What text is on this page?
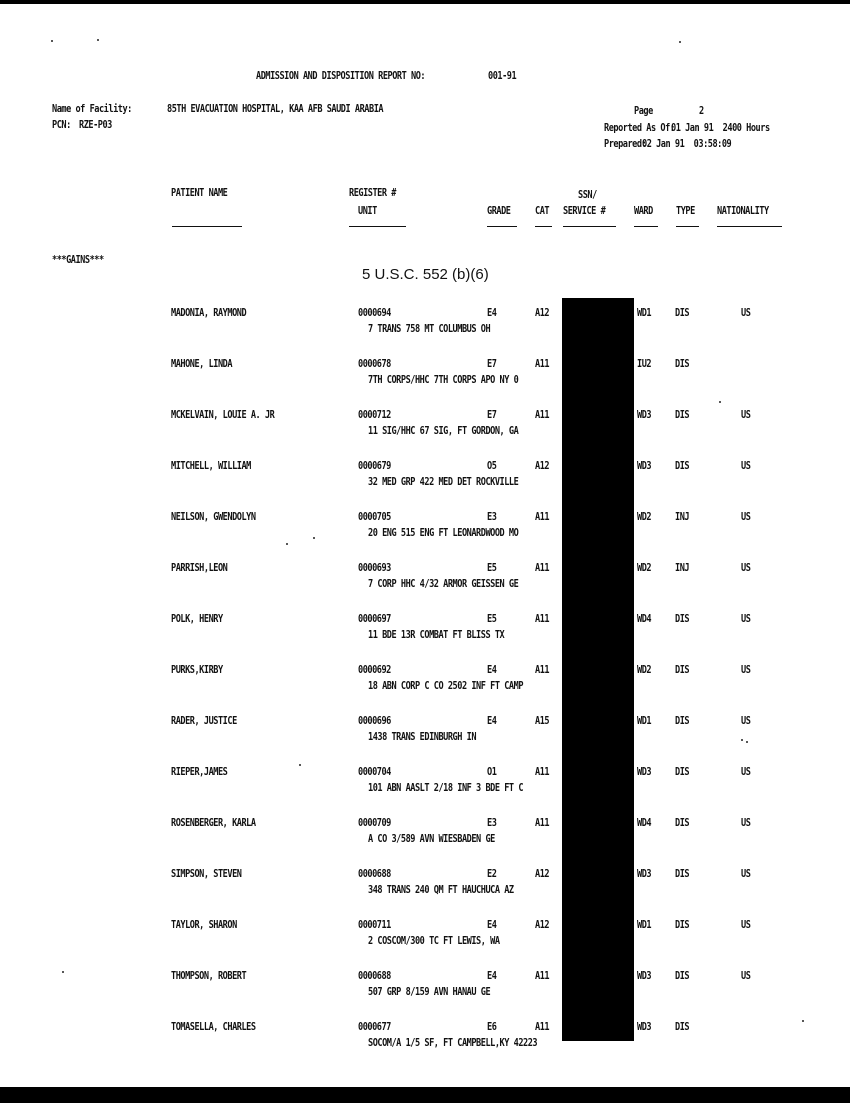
ADMISSION AND DISPOSITION REPORT NO:	001-91
Name of Facility:	85TH EVACUATION HOSPITAL, KAA AFB SAUDI ARABIA
PCN: RZE-P03
Page	2
Reported As Of:
01 Jan 91  2400 Hours
Prepared:
02 Jan 91  03:58:09
PATIENT NAME	REGISTER #
UNIT
SSN/
GRADE CAT SERVICE #	WARD TYPE NATIONALITY
***GAINS***
5 U.S.C. 552 (b)(6)
MADONIA, RAYMOND	0000694	E4	A12	WD1 DIS	US
7 TRANS 758 MT COLUMBUS OH
MAHONE, LINDA	0000678	E7	A11	IU2 DIS
7TH CORPS/HHC 7TH CORPS APO NY 0
MCKELVAIN, LOUIE A. JR	0000712	E7	A11	WD3 DIS	US
11 SIG/HHC 67 SIG, FT GORDON, GA
MITCHELL, WILLIAM	0000679	O5	A12	WD3 DIS	US
32 MED GRP 422 MED DET ROCKVILLE
NEILSON, GWENDOLYN	0000705	E3	A11	WD2 INJ	US
20 ENG 515 ENG FT LEONARDWOOD MO
PARRISH,LEON	0000693	E5	A11	WD2 INJ	US
7 CORP HHC 4/32 ARMOR GEISSEN GE
POLK, HENRY	0000697	E5	A11	WD4 DIS	US
11 BDE 13R COMBAT FT BLISS TX
PURKS,KIRBY	0000692	E4	A11	WD2 DIS	US
18 ABN CORP C CO 2502 INF FT CAMP
RADER, JUSTICE	0000696	E4	A15	WD1 DIS	US
1438 TRANS EDINBURGH IN
RIEPER,JAMES	0000704	O1	A11	WD3 DIS	US
101 ABN AASLT 2/18 INF 3 BDE FT C
ROSENBERGER, KARLA	0000709	E3	A11	WD4 DIS	US
A CO 3/589 AVN WIESBADEN GE
SIMPSON, STEVEN	0000688	E2	A12	WD3 DIS	US
348 TRANS 240 QM FT HAUCHUCA AZ
TAYLOR, SHARON	0000711	E4	A12	WD1 DIS	US
2 COSCOM/300 TC FT LEWIS, WA
THOMPSON, ROBERT	0000688	E4	A11	WD3 DIS	US
507 GRP 8/159 AVN HANAU GE
TOMASELLA, CHARLES	0000677	E6	A11	WD3 DIS
SOCOM/A 1/5 SF, FT CAMPBELL,KY 42223
